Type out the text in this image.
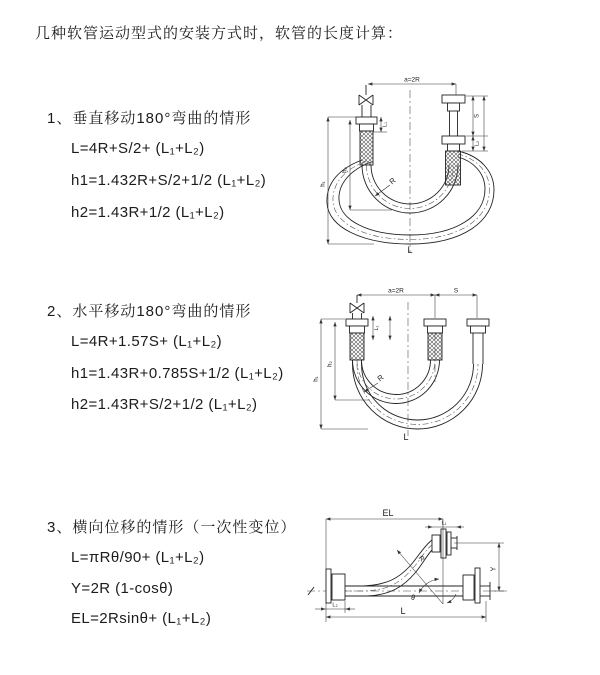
几种软管运动型式的安装方式时，软管的长度计算：
1、垂直移动180°弯曲的情形
L=4R+S/2+ (L₁+L₂)
h1=1.432R+S/2+1/2 (L₁+L₂)
h2=1.43R+1/2 (L₁+L₂)
2、水平移动180°弯曲的情形
L=4R+1.57S+ (L₁+L₂)
h1=1.43R+0.785S+1/2 (L₁+L₂)
h2=1.43R+S/2+1/2 (L₁+L₂)
3、横向位移的情形（一次性变位）
L=πRθ/90+ (L₁+L₂)
Y=2R (1-cosθ)
EL=2Rsinθ+ (L₁+L₂)
a=2R
h₁
h₂
L₁
S
L₂
R
L
a=2R	S
h₁
h₂
L₁
R
L
EL
L₁
Y
R
θ
L
L₂
